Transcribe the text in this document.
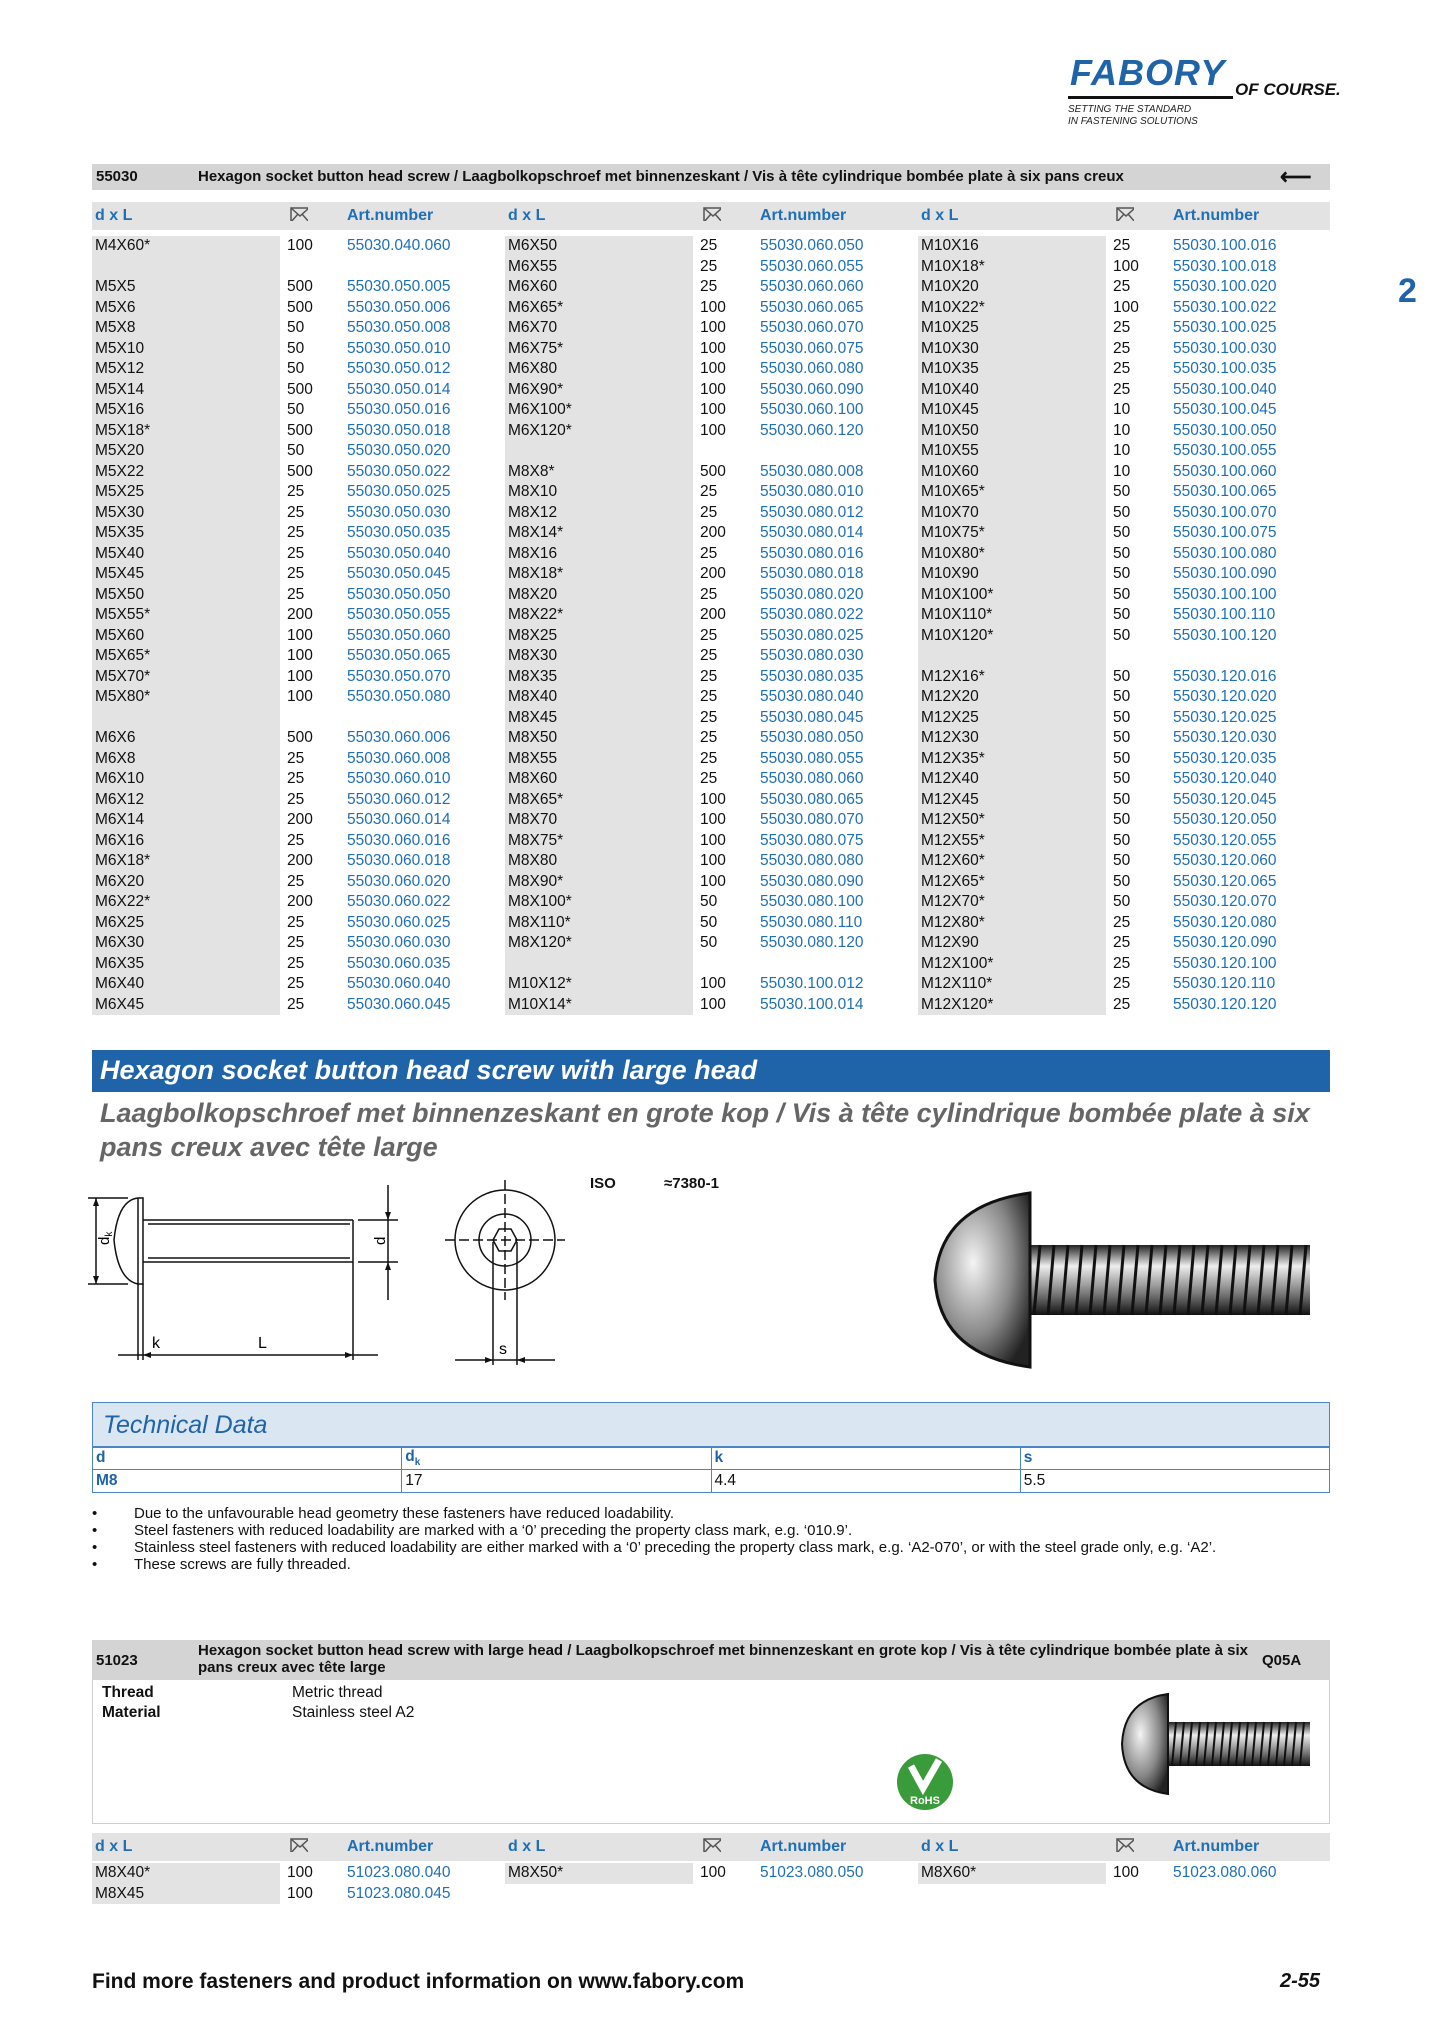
FABORY OF COURSE.
SETTING THE STANDARD
IN FASTENING SOLUTIONS
2
55030	Hexagon socket button head screw / Laagbolkopschroef met binnenzeskant / Vis à tête cylindrique bombée plate à six pans creux	⟵
d x L	Art.number	d x L	Art.number	d x L	Art.number
M4X60*	100 55030.040.060
M5X5	500 55030.050.005
M5X6	500 55030.050.006
M5X8	50	55030.050.008
M5X10	50	55030.050.010
M5X12	50	55030.050.012
M5X14	500 55030.050.014
M5X16	50	55030.050.016
M5X18*	500 55030.050.018
M5X20	50	55030.050.020
M5X22	500 55030.050.022
M5X25	25	55030.050.025
M5X30	25	55030.050.030
M5X35	25	55030.050.035
M5X40	25	55030.050.040
M5X45	25	55030.050.045
M5X50	25	55030.050.050
M5X55*	200 55030.050.055
M5X60	100 55030.050.060
M5X65*	100 55030.050.065
M5X70*	100 55030.050.070
M5X80*	100 55030.050.080
M6X6	500 55030.060.006
M6X8	25	55030.060.008
M6X10	25	55030.060.010
M6X12	25	55030.060.012
M6X14	200 55030.060.014
M6X16	25	55030.060.016
M6X18*	200 55030.060.018
M6X20	25	55030.060.020
M6X22*	200 55030.060.022
M6X25	25	55030.060.025
M6X30	25	55030.060.030
M6X35	25	55030.060.035
M6X40	25	55030.060.040
M6X45	25	55030.060.045
M6X50	25	55030.060.050
M6X55	25	55030.060.055
M6X60	25	55030.060.060
M6X65*	100 55030.060.065
M6X70	100 55030.060.070
M6X75*	100 55030.060.075
M6X80	100 55030.060.080
M6X90*	100 55030.060.090
M6X100*	100 55030.060.100
M6X120*	100 55030.060.120
M8X8*	500 55030.080.008
M8X10	25	55030.080.010
M8X12	25	55030.080.012
M8X14*	200 55030.080.014
M8X16	25	55030.080.016
M8X18*	200 55030.080.018
M8X20	25	55030.080.020
M8X22*	200 55030.080.022
M8X25	25	55030.080.025
M8X30	25	55030.080.030
M8X35	25	55030.080.035
M8X40	25	55030.080.040
M8X45	25	55030.080.045
M8X50	25	55030.080.050
M8X55	25	55030.080.055
M8X60	25	55030.080.060
M8X65*	100 55030.080.065
M8X70	100 55030.080.070
M8X75*	100 55030.080.075
M8X80	100 55030.080.080
M8X90*	100 55030.080.090
M8X100*	50	55030.080.100
M8X110*	50	55030.080.110
M8X120*	50	55030.080.120
M10X12*	100 55030.100.012
M10X14*	100 55030.100.014
M10X16	25	55030.100.016
M10X18*	100 55030.100.018
M10X20	25	55030.100.020
M10X22*	100 55030.100.022
M10X25	25	55030.100.025
M10X30	25	55030.100.030
M10X35	25	55030.100.035
M10X40	25	55030.100.040
M10X45	10	55030.100.045
M10X50	10	55030.100.050
M10X55	10	55030.100.055
M10X60	10	55030.100.060
M10X65*	50	55030.100.065
M10X70	50	55030.100.070
M10X75*	50	55030.100.075
M10X80*	50	55030.100.080
M10X90	50	55030.100.090
M10X100*	50	55030.100.100
M10X110*	50	55030.100.110
M10X120*	50	55030.100.120
M12X16*	50	55030.120.016
M12X20	50	55030.120.020
M12X25	50	55030.120.025
M12X30	50	55030.120.030
M12X35*	50	55030.120.035
M12X40	50	55030.120.040
M12X45	50	55030.120.045
M12X50*	50	55030.120.050
M12X55*	50	55030.120.055
M12X60*	50	55030.120.060
M12X65*	50	55030.120.065
M12X70*	50	55030.120.070
M12X80*	25	55030.120.080
M12X90	25	55030.120.090
M12X100*	25	55030.120.100
M12X110*	25	55030.120.110
M12X120*	25	55030.120.120
Hexagon socket button head screw with large head
Laagbolkopschroef met binnenzeskant en grote kop / Vis à tête cylindrique bombée plate à six pans creux avec tête large
$d_k$
d
k	L	s
ISO	≈7380-1
Technical Data
d	$d_k$	k	s
M8	17	4.4	5.5
• Due to the unfavourable head geometry these fasteners have reduced loadability.
• Steel fasteners with reduced loadability are marked with a ‘0’ preceding the property class mark, e.g. ‘010.9’.
• Stainless steel fasteners with reduced loadability are either marked with a ‘0’ preceding the property class mark, e.g. ‘A2-070’, or with the steel grade only, e.g. ‘A2’.
• These screws are fully threaded.
51023
Hexagon socket button head screw with large head / Laagbolkopschroef met binnenzeskant en grote kop / Vis à tête cylindrique bombée plate à six pans creux avec tête large	Q05A
Thread	Metric thread
Material	Stainless steel A2
RoHS
d x L	Art.number	d x L	Art.number	d x L	Art.number
M8X40*	100 51023.080.040
M8X45	100 51023.080.045
M8X50*	100 51023.080.050	M8X60*	100 51023.080.060
Find more fasteners and product information on www.fabory.com	2-55
